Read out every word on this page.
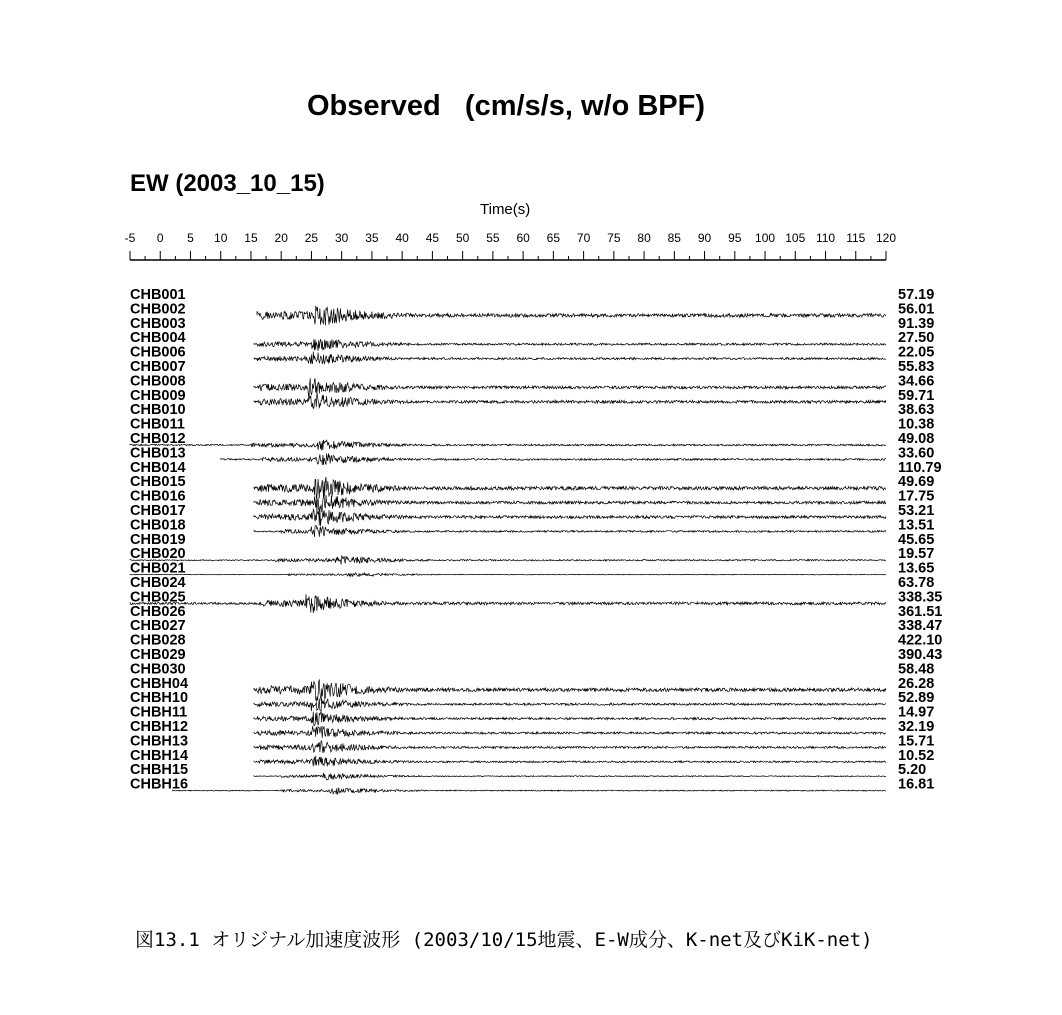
Observed   (cm/s/s, w/o BPF)
EW (2003_10_15)
Time(s)
-5 0 5 10 15 20 25 30 35 40 45 50 55 60 65 70 75 80 85 90 95 100 105 110 115 120
CHB001	57.19
CHB002	56.01
CHB003	91.39
CHB004	27.50
CHB006	22.05
CHB007	55.83
CHB008	34.66
CHB009	59.71
CHB010	38.63
CHB011	10.38
CHB012	49.08
CHB013	33.60
CHB014	110.79
CHB015	49.69
CHB016	17.75
CHB017	53.21
CHB018	13.51
CHB019	45.65
CHB020	19.57
CHB021	13.65
CHB024	63.78
CHB025	338.35
CHB026	361.51
CHB027	338.47
CHB028	422.10
CHB029	390.43
CHB030	58.48
CHBH04	26.28
CHBH10	52.89
CHBH11	14.97
CHBH12	32.19
CHBH13	15.71
CHBH14	10.52
CHBH15	5.20
CHBH16	16.81
図13.1 オリジナル加速度波形 (2003/10/15地震、E-W成分、K-net及びKiK-net)
